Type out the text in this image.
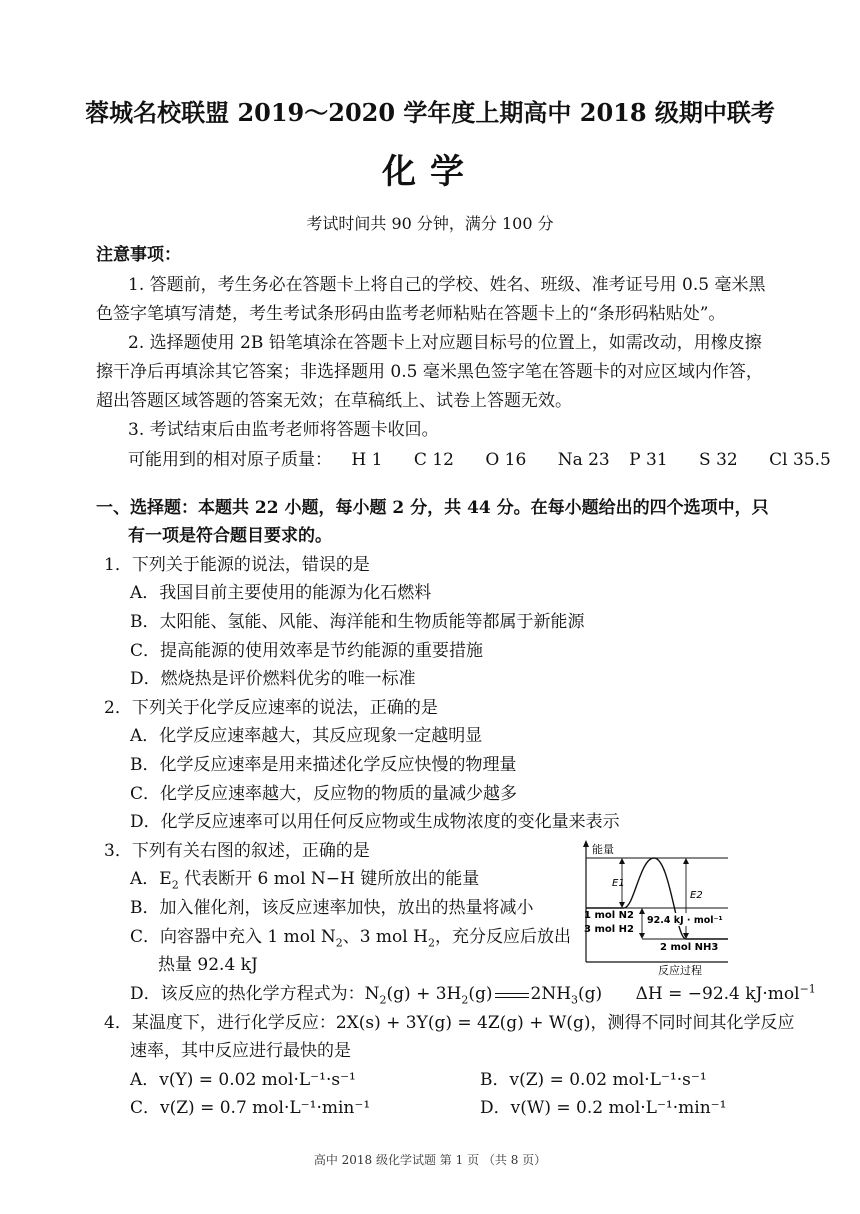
蓉城名校联盟 2019～2020 学年度上期高中 2018 级期中联考
化学
考试时间共 90 分钟，满分 100 分
注意事项：
1. 答题前，考生务必在答题卡上将自己的学校、姓名、班级、准考证号用 0.5 毫米黑
色签字笔填写清楚，考生考试条形码由监考老师粘贴在答题卡上的“条形码粘贴处”。
2. 选择题使用 2B 铅笔填涂在答题卡上对应题目标号的位置上，如需改动，用橡皮擦
擦干净后再填涂其它答案；非选择题用 0.5 毫米黑色签字笔在答题卡的对应区域内作答，
超出答题区域答题的答案无效；在草稿纸上、试卷上答题无效。
3. 考试结束后由监考老师将答题卡收回。
可能用到的相对原子质量： H 1 C 12 O 16 Na 23 P 31 S 32 Cl 35.5
一、选择题：本题共 22 小题，每小题 2 分，共 44 分。在每小题给出的四个选项中，只
有一项是符合题目要求的。
1．下列关于能源的说法，错误的是
A．我国目前主要使用的能源为化石燃料
B．太阳能、氢能、风能、海洋能和生物质能等都属于新能源
C．提高能源的使用效率是节约能源的重要措施
D．燃烧热是评价燃料优劣的唯一标准
2．下列关于化学反应速率的说法，正确的是
A．化学反应速率越大，其反应现象一定越明显
B．化学反应速率是用来描述化学反应快慢的物理量
C．化学反应速率越大，反应物的物质的量减少越多
D．化学反应速率可以用任何反应物或生成物浓度的变化量来表示
3．下列有关右图的叙述，正确的是
A．$E_2$ 代表断开 6 mol N−H 键所放出的能量
B．加入催化剂，该反应速率加快，放出的热量将减小
C．向容器中充入 1 mol $N_2$、3 mol $H_2$，充分反应后放出
热量 92.4 kJ
D．该反应的热化学方程式为：$N_2(g) + 3H_2(g)$ $2NH_3(g) \Delta H = -92.4$ kJ·mol$^{-1}$
能量
反应过程
E1
E2
92.4 kJ · mol⁻¹
1 mol N2
3 mol H2
2 mol NH3
4．某温度下，进行化学反应：2X(s) + 3Y(g) = 4Z(g) + W(g)，测得不同时间其化学反应
速率，其中反应进行最快的是
A．v(Y) = 0.02 mol·L⁻¹·s⁻¹	B．v(Z) = 0.02 mol·L⁻¹·s⁻¹
C．v(Z) = 0.7 mol·L⁻¹·min⁻¹	D．v(W) = 0.2 mol·L⁻¹·min⁻¹
高中 2018 级化学试题 第 1 页 （共 8 页）
